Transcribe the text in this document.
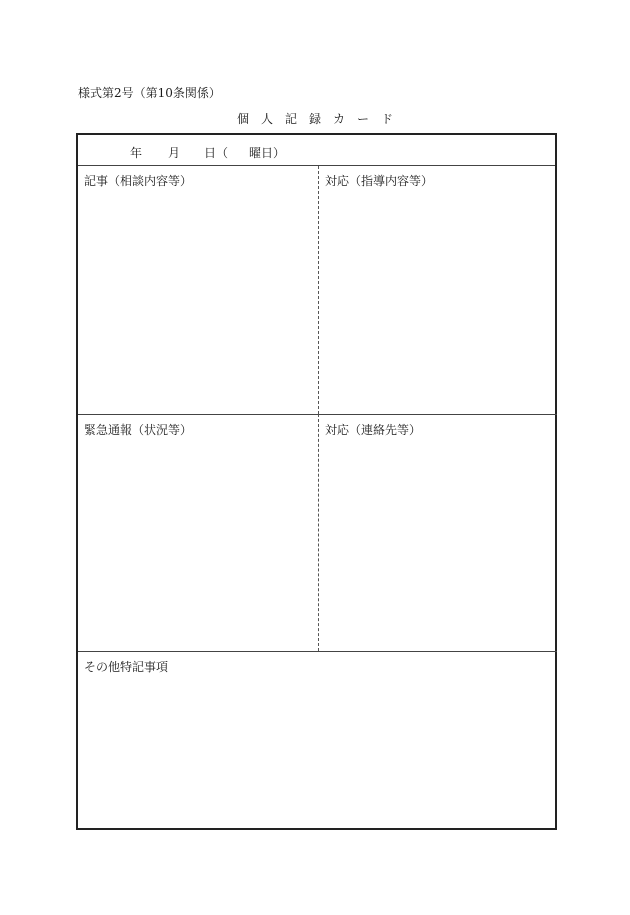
様式第2号（第10条関係）
個人記録カード
年 月 日（ 曜日）
記事（相談内容等）	対応（指導内容等）
緊急通報（状況等）	対応（連絡先等）
その他特記事項
